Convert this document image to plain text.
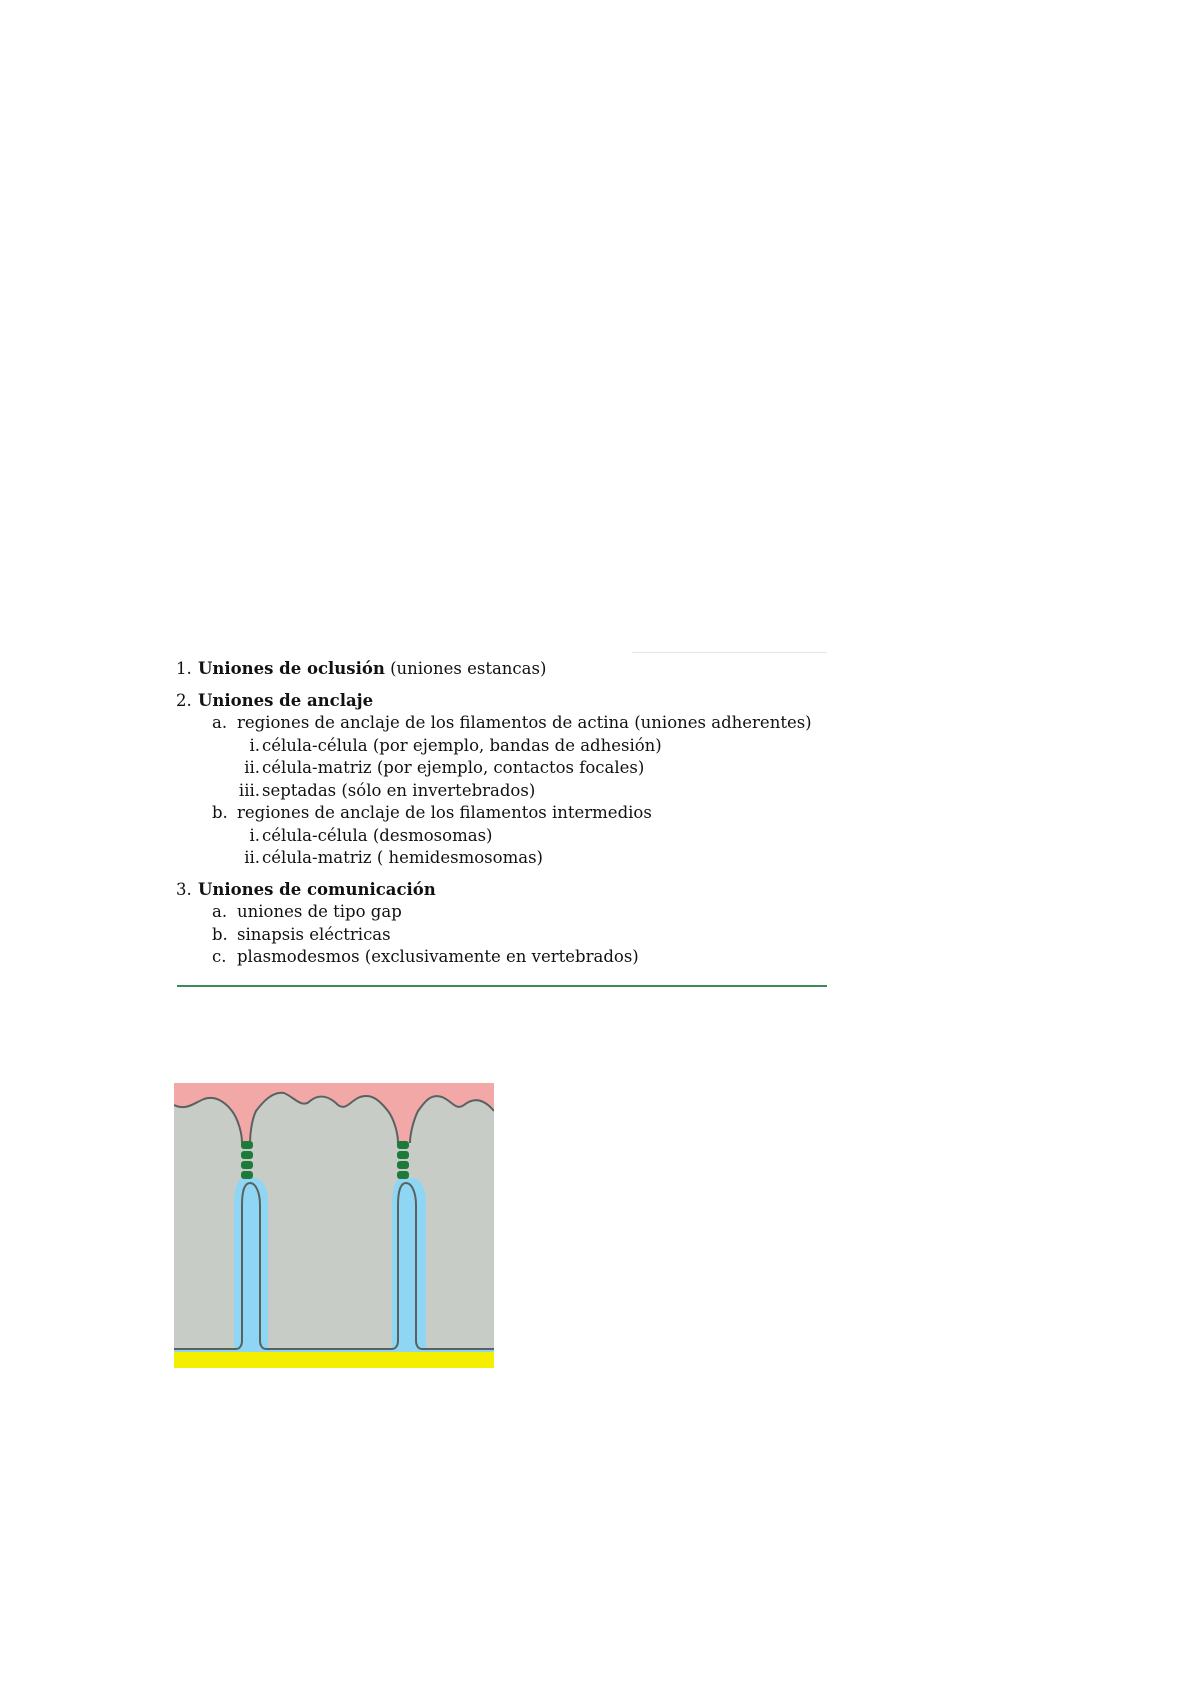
1. Uniones de oclusión (uniones estancas)
2. Uniones de anclaje
a. regiones de anclaje de los filamentos de actina (uniones adherentes)
i. célula-célula (por ejemplo, bandas de adhesión)
ii. célula-matriz (por ejemplo, contactos focales)
iii. septadas (sólo en invertebrados)
b. regiones de anclaje de los filamentos intermedios
i. célula-célula (desmosomas)
ii. célula-matriz ( hemidesmosomas)
3. Uniones de comunicación
a. uniones de tipo gap
b. sinapsis eléctricas
c. plasmodesmos (exclusivamente en vertebrados)
